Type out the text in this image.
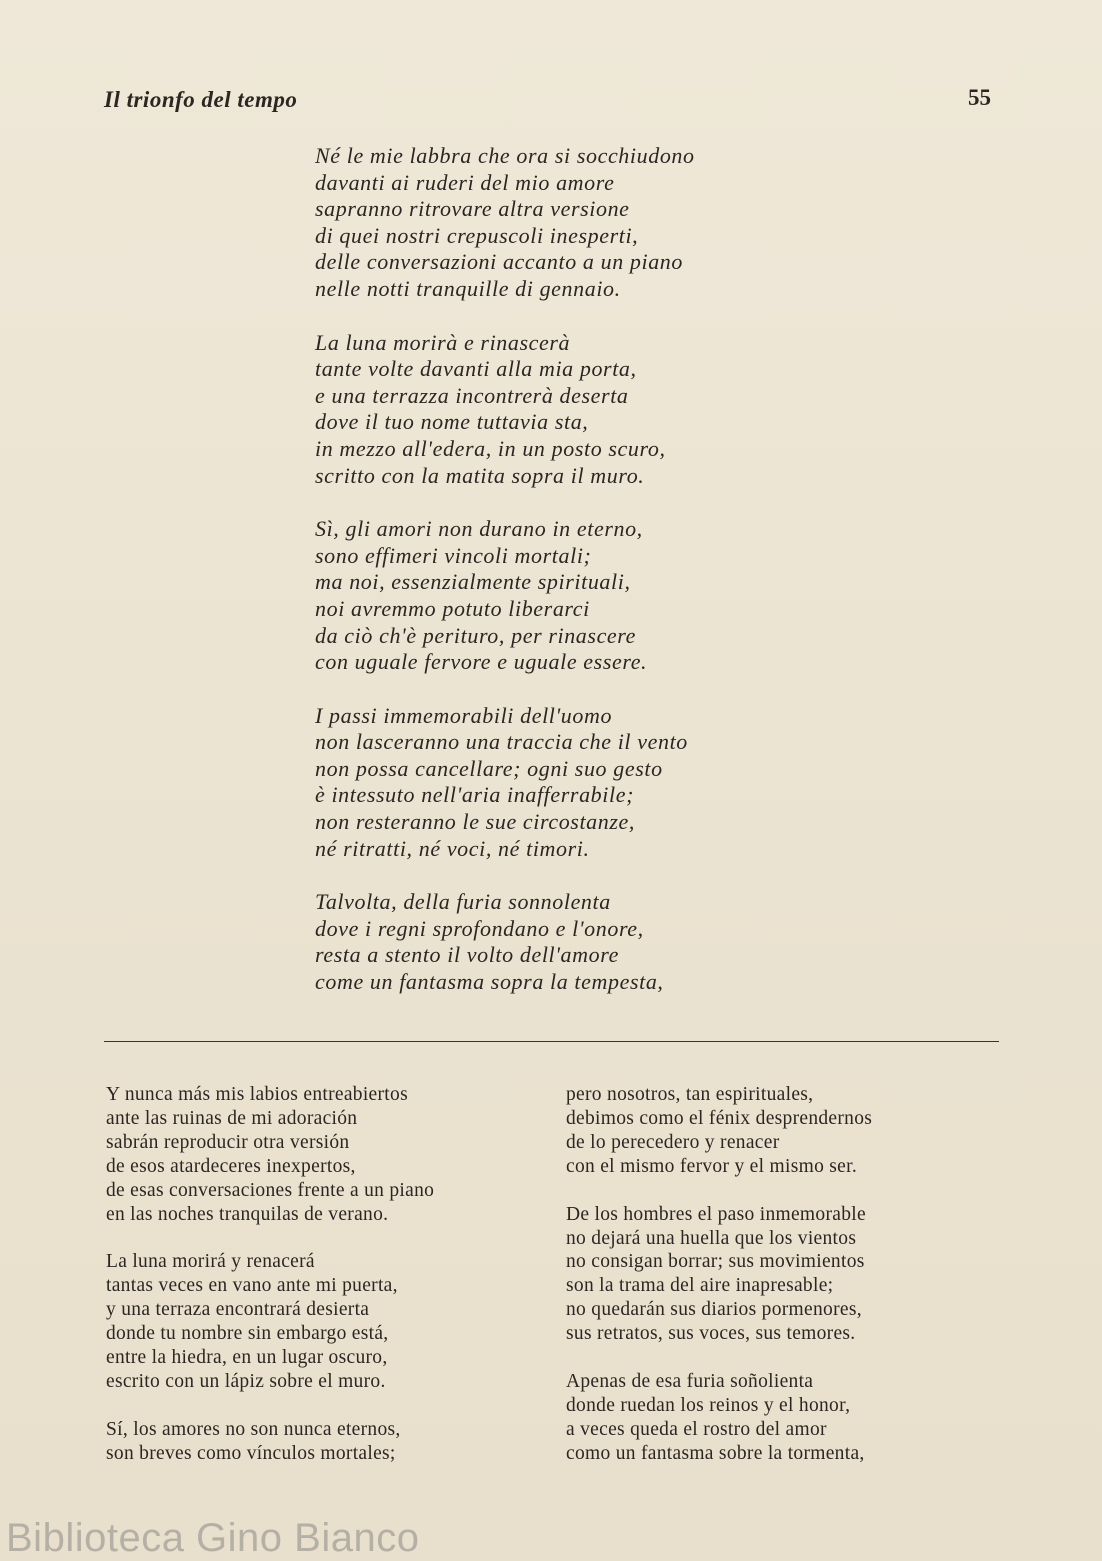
Il trionfo del tempo	55
Né le mie labbra che ora si socchiudono
davanti ai ruderi del mio amore
sapranno ritrovare altra versione
di quei nostri crepuscoli inesperti,
delle conversazioni accanto a un piano
nelle notti tranquille di gennaio.
La luna morirà e rinascerà
tante volte davanti alla mia porta,
e una terrazza incontrerà deserta
dove il tuo nome tuttavia sta,
in mezzo all'edera, in un posto scuro,
scritto con la matita sopra il muro.
Sì, gli amori non durano in eterno,
sono effimeri vincoli mortali;
ma noi, essenzialmente spirituali,
noi avremmo potuto liberarci
da ciò ch'è perituro, per rinascere
con uguale fervore e uguale essere.
I passi immemorabili dell'uomo
non lasceranno una traccia che il vento
non possa cancellare; ogni suo gesto
è intessuto nell'aria inafferrabile;
non resteranno le sue circostanze,
né ritratti, né voci, né timori.
Talvolta, della furia sonnolenta
dove i regni sprofondano e l'onore,
resta a stento il volto dell'amore
come un fantasma sopra la tempesta,
Y nunca más mis labios entreabiertos
ante las ruinas de mi adoración
sabrán reproducir otra versión
de esos atardeceres inexpertos,
de esas conversaciones frente a un piano
en las noches tranquilas de verano.
La luna morirá y renacerá
tantas veces en vano ante mi puerta,
y una terraza encontrará desierta
donde tu nombre sin embargo está,
entre la hiedra, en un lugar oscuro,
escrito con un lápiz sobre el muro.
Sí, los amores no son nunca eternos,
son breves como vínculos mortales;
pero nosotros, tan espirituales,
debimos como el fénix desprendernos
de lo perecedero y renacer
con el mismo fervor y el mismo ser.
De los hombres el paso inmemorable
no dejará una huella que los vientos
no consigan borrar; sus movimientos
son la trama del aire inapresable;
no quedarán sus diarios pormenores,
sus retratos, sus voces, sus temores.
Apenas de esa furia soñolienta
donde ruedan los reinos y el honor,
a veces queda el rostro del amor
como un fantasma sobre la tormenta,
Biblioteca Gino Bianco
